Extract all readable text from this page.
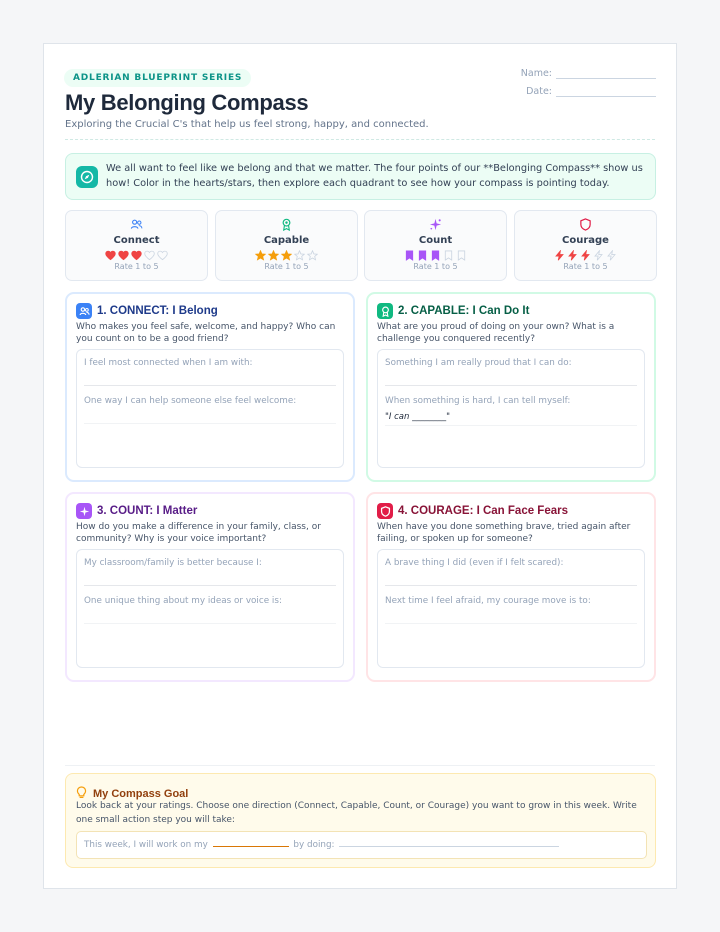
ADLERIAN BLUEPRINT SERIES
My Belonging Compass
Exploring the Crucial C's that help us feel strong, happy, and connected.
Name:
Date:
We all want to feel like we belong and that we matter. The four points of our **Belonging Compass** show us how! Color in the hearts/stars, then explore each quadrant to see how your compass is pointing today.
Connect
Rate 1 to 5
Capable
Rate 1 to 5
Count
Rate 1 to 5
Courage
Rate 1 to 5
1. CONNECT: I Belong
Who makes you feel safe, welcome, and happy? Who can you count on to be a good friend?
I feel most connected when I am with:
One way I can help someone else feel welcome:
2. CAPABLE: I Can Do It
What are you proud of doing on your own? What is a challenge you conquered recently?
Something I am really proud that I can do:
When something is hard, I can tell myself:
"I can ________"
3. COUNT: I Matter
How do you make a difference in your family, class, or community? Why is your voice important?
My classroom/family is better because I:
One unique thing about my ideas or voice is:
4. COURAGE: I Can Face Fears
When have you done something brave, tried again after failing, or spoken up for someone?
A brave thing I did (even if I felt scared):
Next time I feel afraid, my courage move is to:
My Compass Goal
Look back at your ratings. Choose one direction (Connect, Capable, Count, or Courage) you want to grow in this week. Write one small action step you will take:
This week, I will work on my	by doing:
